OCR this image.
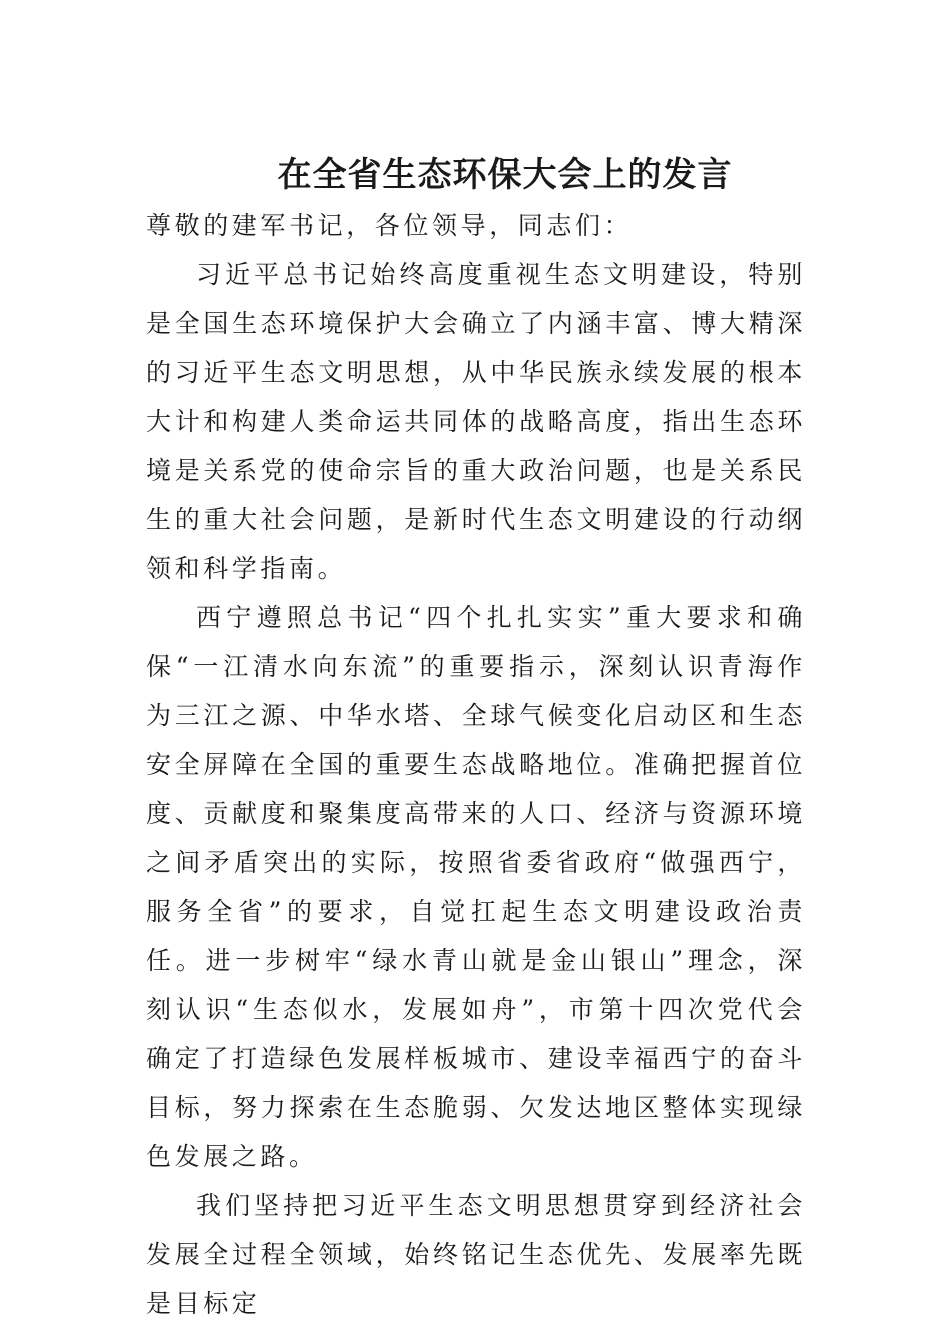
在全省生态环保大会上的发言

尊敬的建军书记，各位领导，同志们：

习近平总书记始终高度重视生态文明建设，特别是全国生态环境保护大会确立了内涵丰富、博大精深的习近平生态文明思想，从中华民族永续发展的根本大计和构建人类命运共同体的战略高度，指出生态环境是关系党的使命宗旨的重大政治问题，也是关系民生的重大社会问题，是新时代生态文明建设的行动纲领和科学指南。

西宁遵照总书记“四个扎扎实实”重大要求和确保“一江清水向东流”的重要指示，深刻认识青海作为三江之源、中华水塔、全球气候变化启动区和生态安全屏障在全国的重要生态战略地位。准确把握首位度、贡献度和聚集度高带来的人口、经济与资源环境之间矛盾突出的实际，按照省委省政府“做强西宁，服务全省”的要求，自觉扛起生态文明建设政治责任。进一步树牢“绿水青山就是金山银山”理念，深刻认识“生态似水，发展如舟”，市第十四次党代会确定了打造绿色发展样板城市、建设幸福西宁的奋斗目标，努力探索在生态脆弱、欠发达地区整体实现绿色发展之路。

我们坚持把习近平生态文明思想贯穿到经济社会发展全过程全领域，始终铭记生态优先、发展率先既是目标定
